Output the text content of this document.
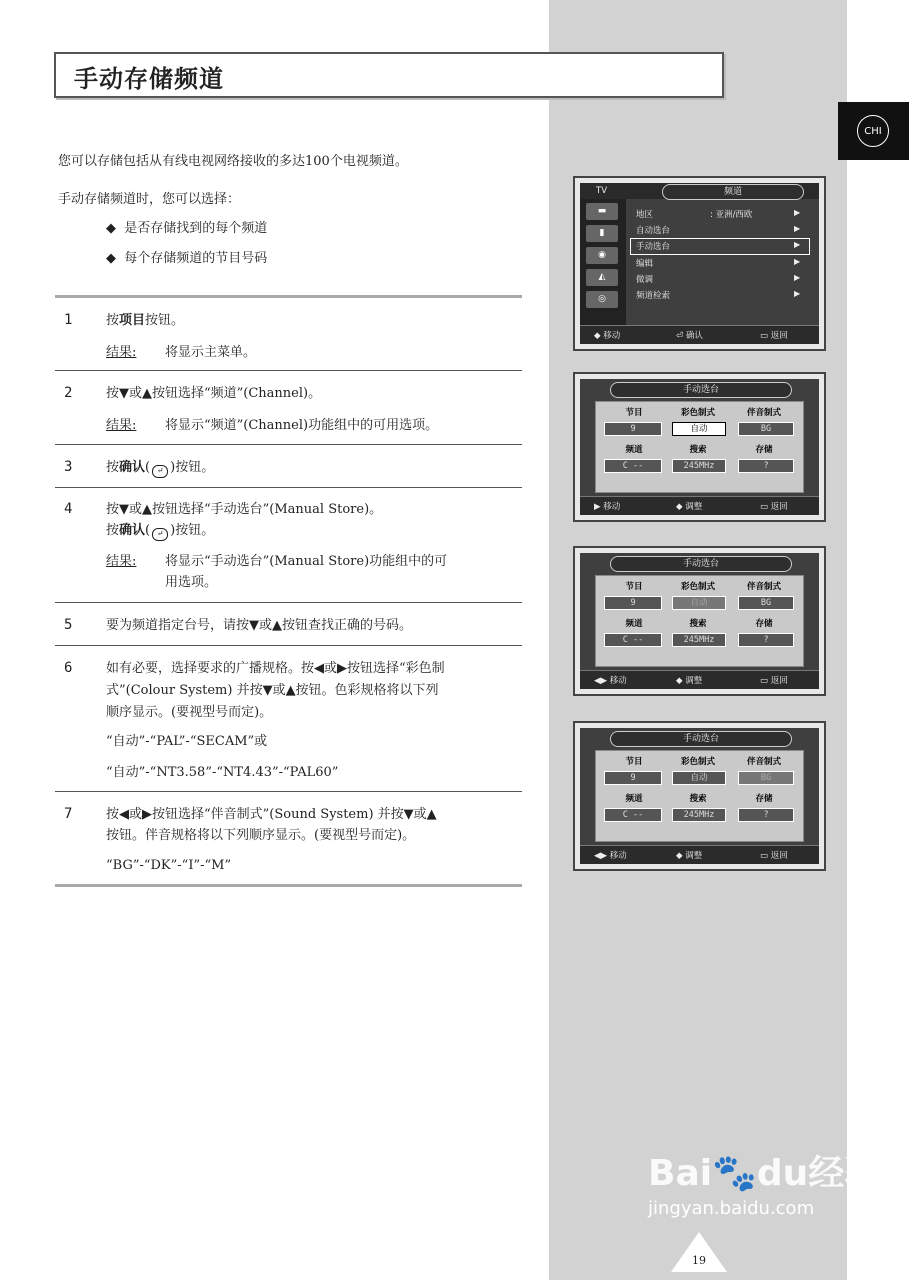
CHI
手动存储频道
您可以存储包括从有线电视网络接收的多达100个电视频道。
手动存储频道时，您可以选择：
◆ 是否存储找到的每个频道
◆ 每个存储频道的节目号码
1	按项目按钮。
结果: 将显示主菜单。
2	按▼或▲按钮选择“频道”(Channel)。
结果: 将显示“频道”(Channel)功能组中的可用选项。
3	按确认( ↵ )按钮。
4	按▼或▲按钮选择“手动选台”(Manual Store)。
按确认( ↵ )按钮。
结果: 将显示“手动选台”(Manual Store)功能组中的可
用选项。
5	要为频道指定台号，请按▼或▲按钮查找正确的号码。
6	如有必要，选择要求的广播规格。按◀或▶按钮选择“彩色制
式”(Colour System) 并按▼或▲按钮。色彩规格将以下列
顺序显示。(要视型号而定)。
“自动”-“PAL”-“SECAM”或
“自动”-“NT3.58”-“NT4.43”-“PAL60”
7	按◀或▶按钮选择“伴音制式”(Sound System) 并按▼或▲
按钮。伴音规格将以下列顺序显示。(要视型号而定)。
“BG”-“DK”-“I”-“M”
TV	频道
▬
▮
◉
◭
◎
地区	: 亚洲/西欧	▶
自动选台	▶
手动选台	▶
编辑	▶
微调	▶
频道检索	▶
◆ 移动	⏎ 确认	▭ 返回
手动选台
节目	彩色制式	伴音制式
9	自动	BG
频道	搜索	存储
C --	245MHz	?
▶ 移动	◆ 调整	▭ 返回
手动选台
节目	彩色制式	伴音制式
9	自动	BG
频道	搜索	存储
C --	245MHz	?
◀▶ 移动	◆ 调整	▭ 返回
手动选台
节目	彩色制式	伴音制式
9	自动	BG
频道	搜索	存储
C --	245MHz	?
◀▶ 移动	◆ 调整	▭ 返回
Bai🐾du经验
jingyan.baidu.com
19
